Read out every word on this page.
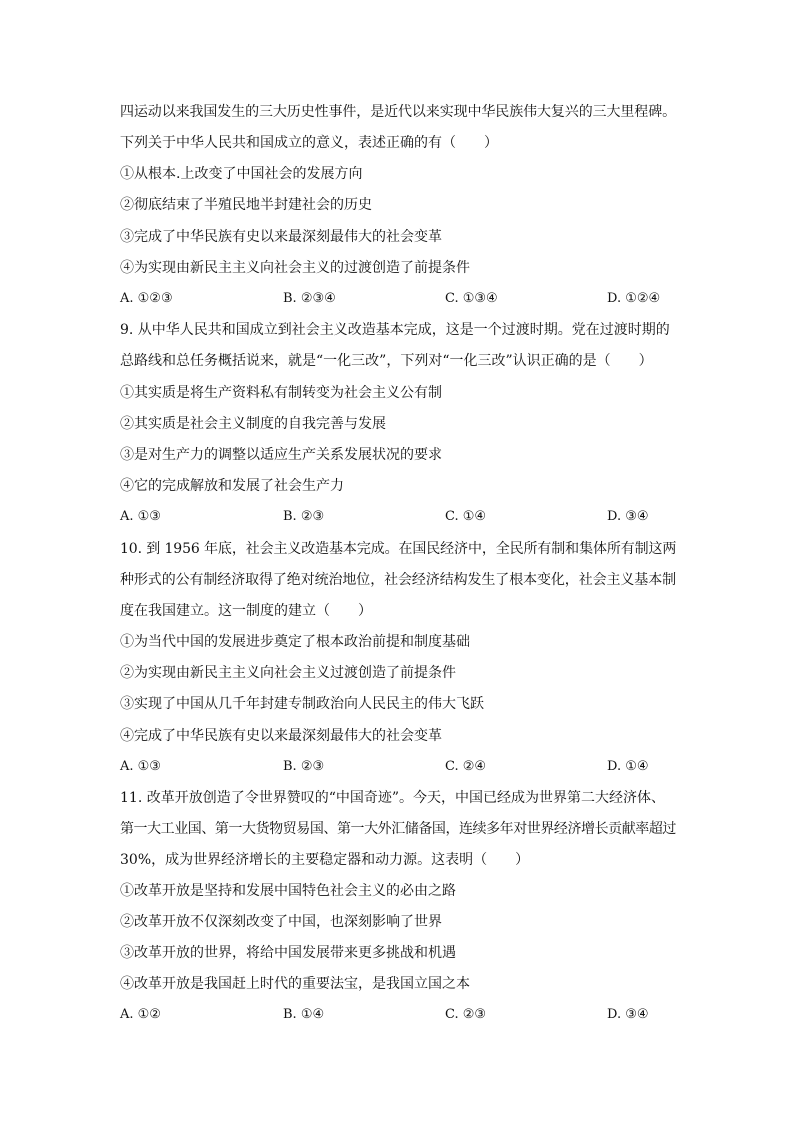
四运动以来我国发生的三大历史性事件，是近代以来实现中华民族伟大复兴的三大里程碑。
下列关于中华人民共和国成立的意义，表述正确的有（　　）
①从根本.上改变了中国社会的发展方向
②彻底结束了半殖民地半封建社会的历史
③完成了中华民族有史以来最深刻最伟大的社会变革
④为实现由新民主主义向社会主义的过渡创造了前提条件
A. ①②③	B. ②③④	C. ①③④	D. ①②④
9. 从中华人民共和国成立到社会主义改造基本完成，这是一个过渡时期。党在过渡时期的
总路线和总任务概括说来，就是“一化三改”，下列对“一化三改”认识正确的是（　　）
①其实质是将生产资料私有制转变为社会主义公有制
②其实质是社会主义制度的自我完善与发展
③是对生产力的调整以适应生产关系发展状况的要求
④它的完成解放和发展了社会生产力
A. ①③	B. ②③	C. ①④	D. ③④
10. 到 1956 年底，社会主义改造基本完成。在国民经济中，全民所有制和集体所有制这两
种形式的公有制经济取得了绝对统治地位，社会经济结构发生了根本变化，社会主义基本制
度在我国建立。这一制度的建立（　　）
①为当代中国的发展进步奠定了根本政治前提和制度基础
②为实现由新民主主义向社会主义过渡创造了前提条件
③实现了中国从几千年封建专制政治向人民民主的伟大飞跃
④完成了中华民族有史以来最深刻最伟大的社会变革
A. ①③	B. ②③	C. ②④	D. ①④
11. 改革开放创造了令世界赞叹的“中国奇迹”。今天，中国已经成为世界第二大经济体、
第一大工业国、第一大货物贸易国、第一大外汇储备国，连续多年对世界经济增长贡献率超过
30%，成为世界经济增长的主要稳定器和动力源。这表明（　　）
①改革开放是坚持和发展中国特色社会主义的必由之路
②改革开放不仅深刻改变了中国，也深刻影响了世界
③改革开放的世界，将给中国发展带来更多挑战和机遇
④改革开放是我国赶上时代的重要法宝，是我国立国之本
A. ①②	B. ①④	C. ②③	D. ③④
